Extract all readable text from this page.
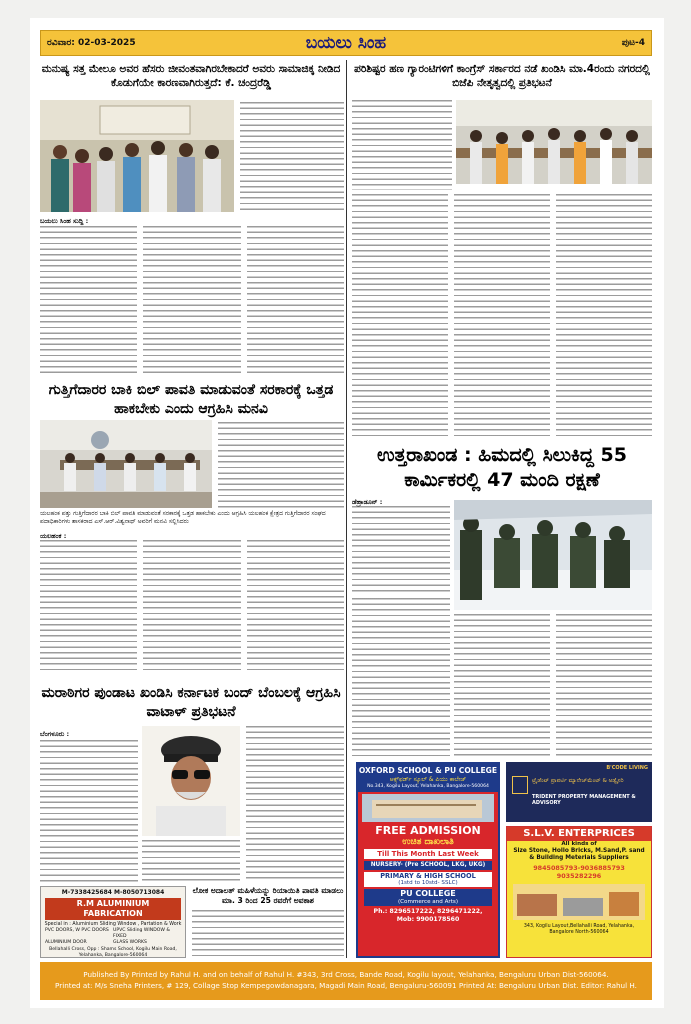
ರವಿವಾರ: 02-03-2025	ಬಯಲು ಸಿಂಹ	ಪುಟ-4
ಮನುಷ್ಯ ಸತ್ತ ಮೇಲೂ ಅವರ ಹೆಸರು ಜೀವಂತವಾಗಿರಬೇಕಾದರೆ ಅವರು ಸಾಮಾಜಿಕ್ಕ ನೀಡಿದ ಕೊಡುಗೆಯೇ ಕಾರಣವಾಗಿರುತ್ತದೆ: ಕೆ. ಚಂದ್ರರೆಡ್ಡಿ
ಬಯಲು ಸಿಂಹ ಸುದ್ದಿ :
ಗುತ್ತಿಗೆದಾರರ ಬಾಕಿ ಬಿಲ್ ಪಾವತಿ ಮಾಡುವಂತೆ ಸರಕಾರಕ್ಕೆ ಒತ್ತಡ ಹಾಕಬೇಕು ಎಂದು ಆಗ್ರಹಿಸಿ ಮನವಿ
ಯಲಹಂಕ ಪತ್ತು ಗುತ್ತಿಗೆದಾರರ ಬಾಕಿ ಬಿಲ್ ಪಾವತಿ ಮಾಡುವಂತೆ ಸರಕಾರಕ್ಕೆ ಒತ್ತಡ ಹಾಕಬೇಕು ಎಂದು ಆಗ್ರಹಿಸಿ ಯಲಹಂಕ ಕ್ಷೇತ್ರದ ಗುತ್ತಿಗೆದಾರರ ಸಂಘದ ಪದಾಧಿಕಾರಿಗಳು ಶಾಸಕರಾದ ಎಸ್.ಆರ್.ವಿಶ್ವನಾಥ್ ಅವರಿಗೆ ಮನವಿ ಸಲ್ಲಿಸಿದರು
ಯಲಹಂಕ :
ಮರಾಠಿಗರ ಪುಂಡಾಟ ಖಂಡಿಸಿ ಕರ್ನಾಟಕ ಬಂದ್ ಬೆಂಬಲಕ್ಕೆ ಆಗ್ರಹಿಸಿ ವಾಟಾಳ್ ಪ್ರತಿಭಟನೆ
ಬೆಂಗಳೂರು :
M-7338425684 M-8050713084
R.M ALUMINIUM FABRICATION
Special in : Aluminium Sliding Window , Partation & Work
PVC DOORS, W PVC DOORS UPVC Sliding WINDOW & FIXED
ALUMINIUM DOOR	GLASS WORKS
Bellahalli Cross, Opp : Shams School, Kogilu Main Road, Yelahanka, Bangalore-560064
ಲೋಕ‌ ಅದಾಲತ್ ಮಹಿಳೆಯನ್ನು ರಿಯಾಯಿತಿ ಪಾವತಿ ಮಾಡಲು ಮಾ. 3 ರಿಂದ 25 ರವರೆಗೆ ಅವಕಾಶ
ಪರಿಶಿಷ್ಟರ ಹಣ ಗ್ಯಾರಂಟಿಗಳಿಗೆ ಕಾಂಗ್ರೆಸ್ ಸರ್ಕಾರದ ನಡೆ ಖಂಡಿಸಿ ಮಾ.4ರಂದು ನಗರದಲ್ಲಿ ಬಿಜೆಪಿ ನೇತೃತ್ವದಲ್ಲಿ ಪ್ರತಿಭಟನೆ
ಉತ್ತರಾಖಂಡ : ಹಿಮದಲ್ಲಿ ಸಿಲುಕಿದ್ದ 55 ಕಾರ್ಮಿಕರಲ್ಲಿ 47 ಮಂದಿ ರಕ್ಷಣೆ
ಡೆಹ್ರಾಡೂನ್ :
OXFORD SCHOOL & PU COLLEGE
ಆಕ್ಸ್‌ಫರ್ಡ್ ಸ್ಕೂಲ್ & ಪಿಯು ಕಾಲೇಜ್
No.343, Kogilu Layout, Yelahanka, Bangalore-560064
FREE ADMISSION
ಉಚಿತ ದಾಖಲಾತಿ
Till This Month Last Week
NURSERY- (Pre SCHOOL, LKG, UKG)
PRIMARY & HIGH SCHOOL
(1std to 10std- SSLC)
PU COLLEGE
(Commerce and Arts)
Ph.: 8296517222, 8296471222,
Mob: 9900178560
B'CODE LIVING
ಟ್ರೈಡೆಂಟ್ ಪ್ರಾಪರ್ಟಿ ಮ್ಯಾನೇಜ್‌ಮೆಂಟ್ & ಅಡ್ವೈಸರಿ
TRIDENT PROPERTY MANAGEMENT & ADVISORY
S.L.V. ENTERPRICES
All kinds of
Size Stone, Hollo Bricks, M.Sand,P. sand
& Building Meterials Suppliers
9845085793-9036885793
9035282296
343, Kogilu Layout,Bellahalli Road, Yelahanka, Bangalore North-560064
Published By Printed by Rahul H. and on behalf of Rahul H. #343, 3rd Cross, Bande Road, Kogilu layout, Yelahanka, Bengaluru Urban Dist-560064.
Printed at: M/s Sneha Printers, # 129, Collage Stop Kempegowdanagara, Magadi Main Road, Bengaluru-560091 Printed At: Bengaluru Urban Dist. Editor: Rahul H.
